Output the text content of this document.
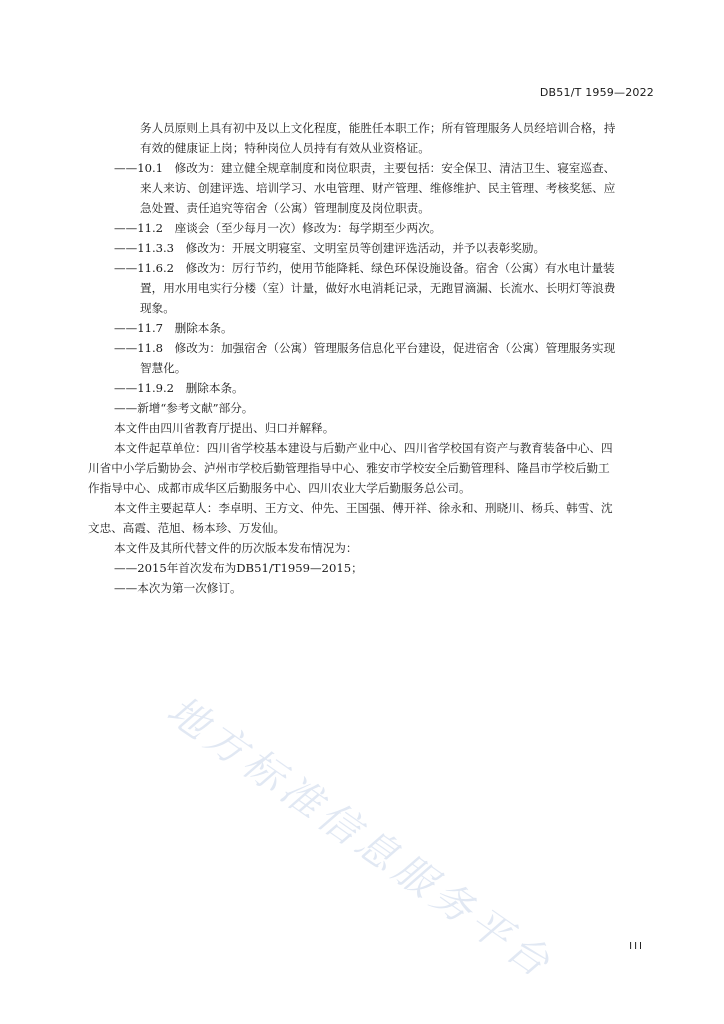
DB51/T 1959—2022
务人员原则上具有初中及以上文化程度，能胜任本职工作；所有管理服务人员经培训合格，持
有效的健康证上岗；特种岗位人员持有有效从业资格证。
——10.1　修改为：建立健全规章制度和岗位职责，主要包括：安全保卫、清洁卫生、寝室巡查、
来人来访、创建评选、培训学习、水电管理、财产管理、维修维护、民主管理、考核奖惩、应
急处置、责任追究等宿舍（公寓）管理制度及岗位职责。
——11.2　座谈会（至少每月一次）修改为：每学期至少两次。
——11.3.3　修改为：开展文明寝室、文明室员等创建评选活动，并予以表彰奖励。
——11.6.2　修改为：厉行节约，使用节能降耗、绿色环保设施设备。宿舍（公寓）有水电计量装
置，用水用电实行分楼（室）计量，做好水电消耗记录，无跑冒滴漏、长流水、长明灯等浪费
现象。
——11.7　删除本条。
——11.8　修改为：加强宿舍（公寓）管理服务信息化平台建设，促进宿舍（公寓）管理服务实现
智慧化。
——11.9.2　删除本条。
——新增“参考文献”部分。
本文件由四川省教育厅提出、归口并解释。
本文件起草单位：四川省学校基本建设与后勤产业中心、四川省学校国有资产与教育装备中心、四
川省中小学后勤协会、泸州市学校后勤管理指导中心、雅安市学校安全后勤管理科、隆昌市学校后勤工
作指导中心、成都市成华区后勤服务中心、四川农业大学后勤服务总公司。
本文件主要起草人：李卓明、王方文、仲先、王国强、傅开祥、徐永和、刑晓川、杨兵、韩雪、沈
文忠、高霞、范旭、杨本珍、万发仙。
本文件及其所代替文件的历次版本发布情况为：
——2015年首次发布为DB51/T1959—2015；
——本次为第一次修订。
地方标准信息服务平台	III
